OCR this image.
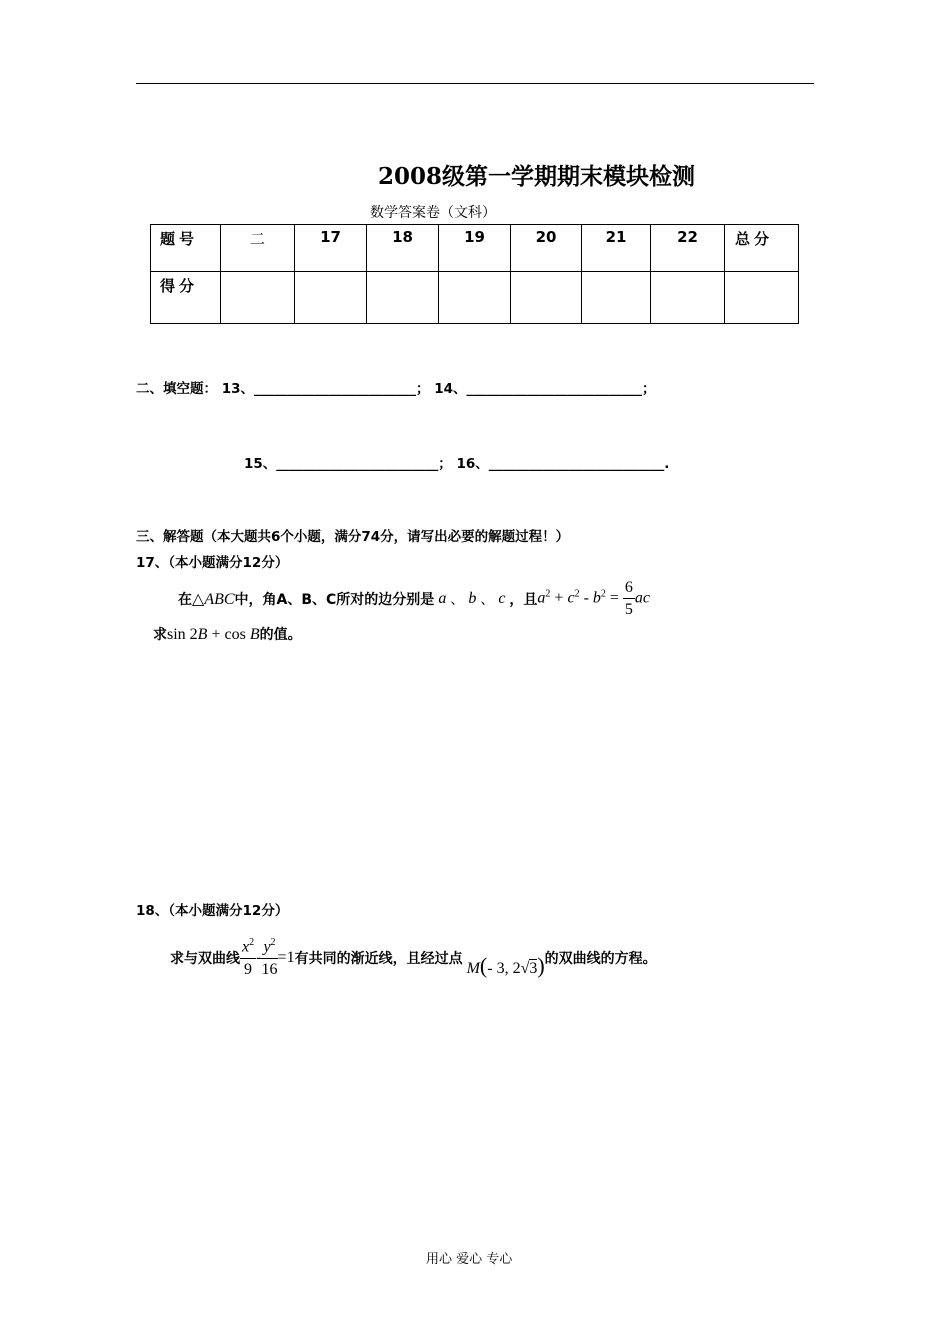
2008级第一学期期末模块检测
数学答案卷（文科）
题号	二	17	18	19	20	21	22	总分
得分								
二、填空题： 13、________________________； 14、__________________________；
15、________________________； 16、__________________________.
三、解答题（本大题共6个小题，满分74分，请写出必要的解题过程！）
17、（本小题满分12分）
在 △ABC 中，角A、B、C所对的边分别是 a 、 b 、 c ，且 $a^2 + c^2 - b^2 = \frac{6}{5}$ ac
求sin 2B + cos B的值。
18、（本小题满分12分）
求与双曲线 $\frac{x^2}{9} - \frac{y^2}{16} =1$ 有共同的渐近线，且经过点
M(- 3, 2√3) 的双曲线的方程。
用心 爱心 专心
